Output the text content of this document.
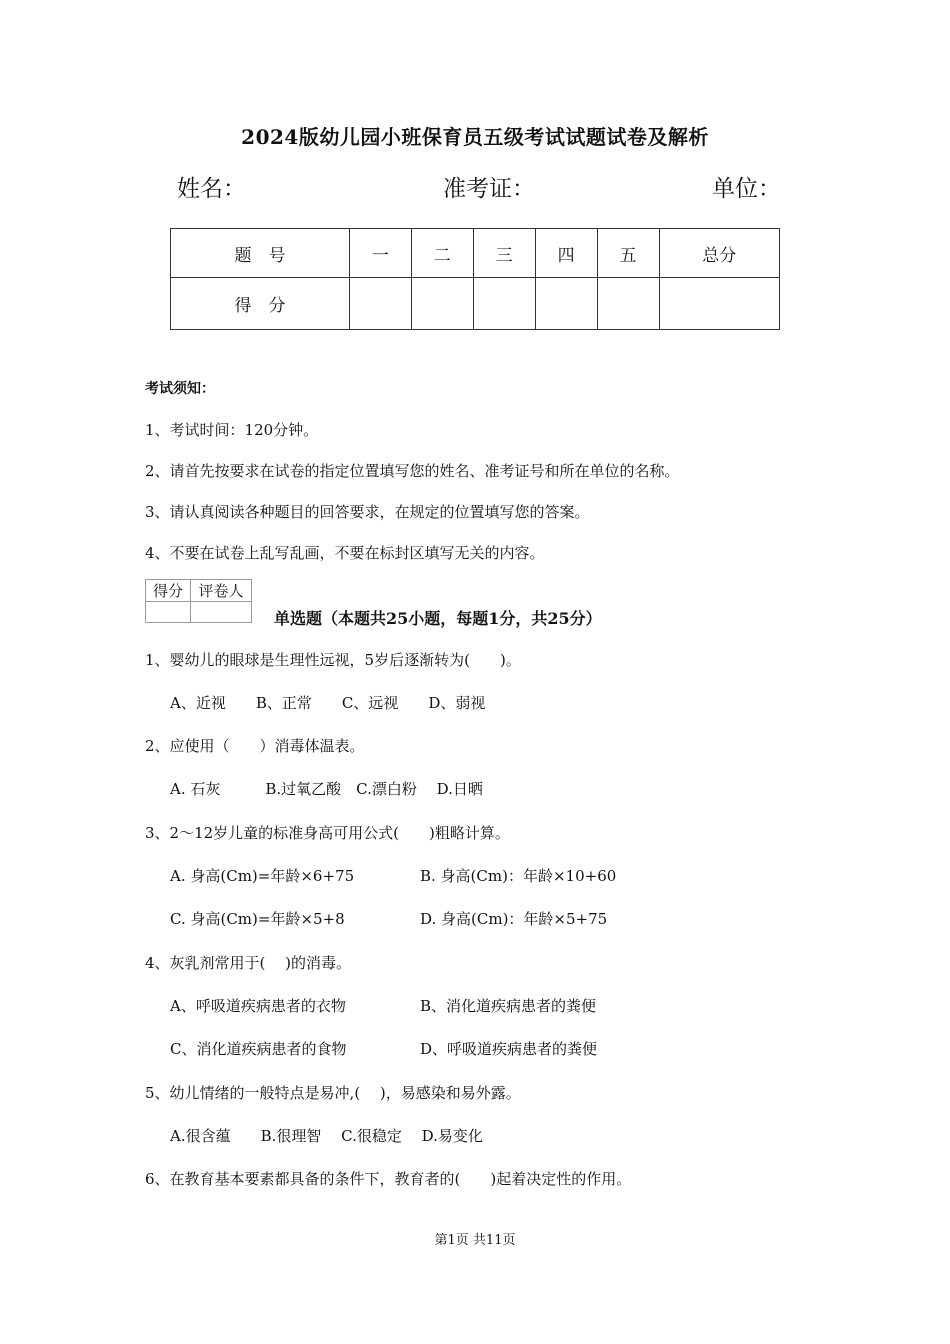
2024版幼儿园小班保育员五级考试试题试卷及解析
姓名：	准考证：	单位：
题　号	一	二	三	四	五	总分
得　分						
考试须知：
1、考试时间：120分钟。
2、请首先按要求在试卷的指定位置填写您的姓名、准考证号和所在单位的名称。
3、请认真阅读各种题目的回答要求，在规定的位置填写您的答案。
4、不要在试卷上乱写乱画，不要在标封区填写无关的内容。
得分	评卷人

单选题（本题共25小题，每题1分，共25分）
1、婴幼儿的眼球是生理性远视，5岁后逐渐转为(　　)。
A、近视　　B、正常　　C、远视　　D、弱视
2、应使用（　　）消毒体温表。
A. 石灰　　　B.过氧乙酸　C.漂白粉　 D.日晒
3、2～12岁儿童的标准身高可用公式(　　)粗略计算。
A. 身高(Cm)=年龄×6+75	B. 身高(Cm)：年龄×10+60
C. 身高(Cm)=年龄×5+8	D. 身高(Cm)：年龄×5+75
4、灰乳剂常用于(　 )的消毒。
A、呼吸道疾病患者的衣物	B、消化道疾病患者的粪便
C、消化道疾病患者的食物	D、呼吸道疾病患者的粪便
5、幼儿情绪的一般特点是易冲,(　 )，易感染和易外露。
A.很含蕴　　B.很理智　 C.很稳定　 D.易变化
6、在教育基本要素都具备的条件下，教育者的(　　)起着决定性的作用。
第1页 共11页
